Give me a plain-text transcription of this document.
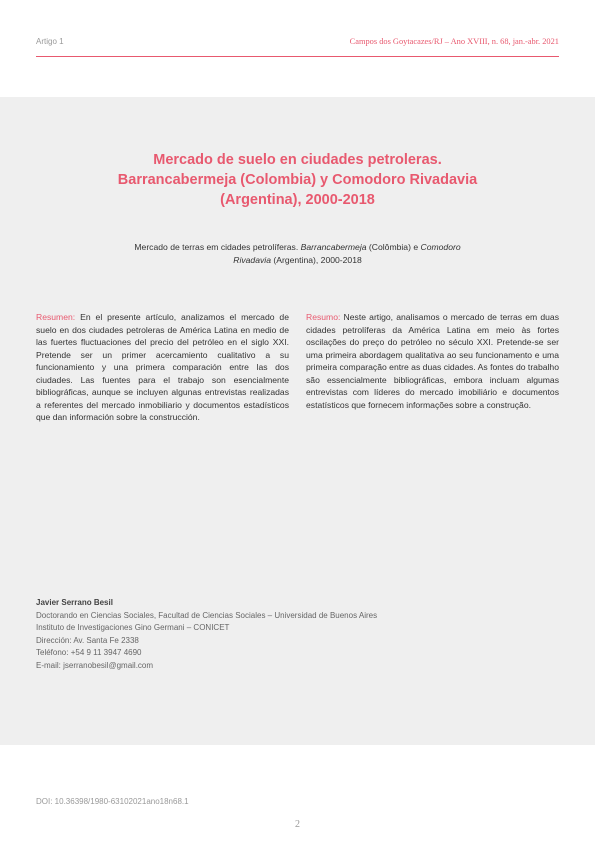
Artigo 1	Campos dos Goytacazes/RJ – Ano XVIII, n. 68, jan.-abr. 2021
Mercado de suelo en ciudades petroleras.
Barrancabermeja (Colombia) y Comodoro Rivadavia
(Argentina), 2000-2018
Mercado de terras em cidades petrolíferas. Barrancabermeja (Colômbia) e Comodoro
Rivadavia (Argentina), 2000-2018
Resumen: En el presente artículo, analizamos el mercado de suelo en dos ciudades petroleras de América Latina en medio de las fuertes fluctuaciones del precio del petróleo en el siglo XXI. Pretende ser un primer acercamiento cualitativo a su funcionamiento y una primera comparación entre las dos ciudades. Las fuentes para el trabajo son esencialmente bibliográficas, aunque se incluyen algunas entrevistas realizadas a referentes del mercado inmobiliario y documentos estadísticos que dan información sobre la construcción.
Resumo: Neste artigo, analisamos o mercado de terras em duas cidades petrolíferas da América Latina em meio às fortes oscilações do preço do petróleo no século XXI. Pretende-se ser uma primeira abordagem qualitativa ao seu funcionamento e uma primeira comparação entre as duas cidades. As fontes do trabalho são essencialmente bibliográficas, embora incluam algumas entrevistas com líderes do mercado imobiliário e documentos estatísticos que fornecem informações sobre a construção.
Javier Serrano Besil
Doctorando en Ciencias Sociales, Facultad de Ciencias Sociales – Universidad de Buenos Aires
Instituto de Investigaciones Gino Germani – CONICET
Dirección: Av. Santa Fe 2338
Teléfono: +54 9 11 3947 4690
E-mail: jserranobesil@gmail.com
DOI: 10.36398/1980-63102021ano18n68.1
2
